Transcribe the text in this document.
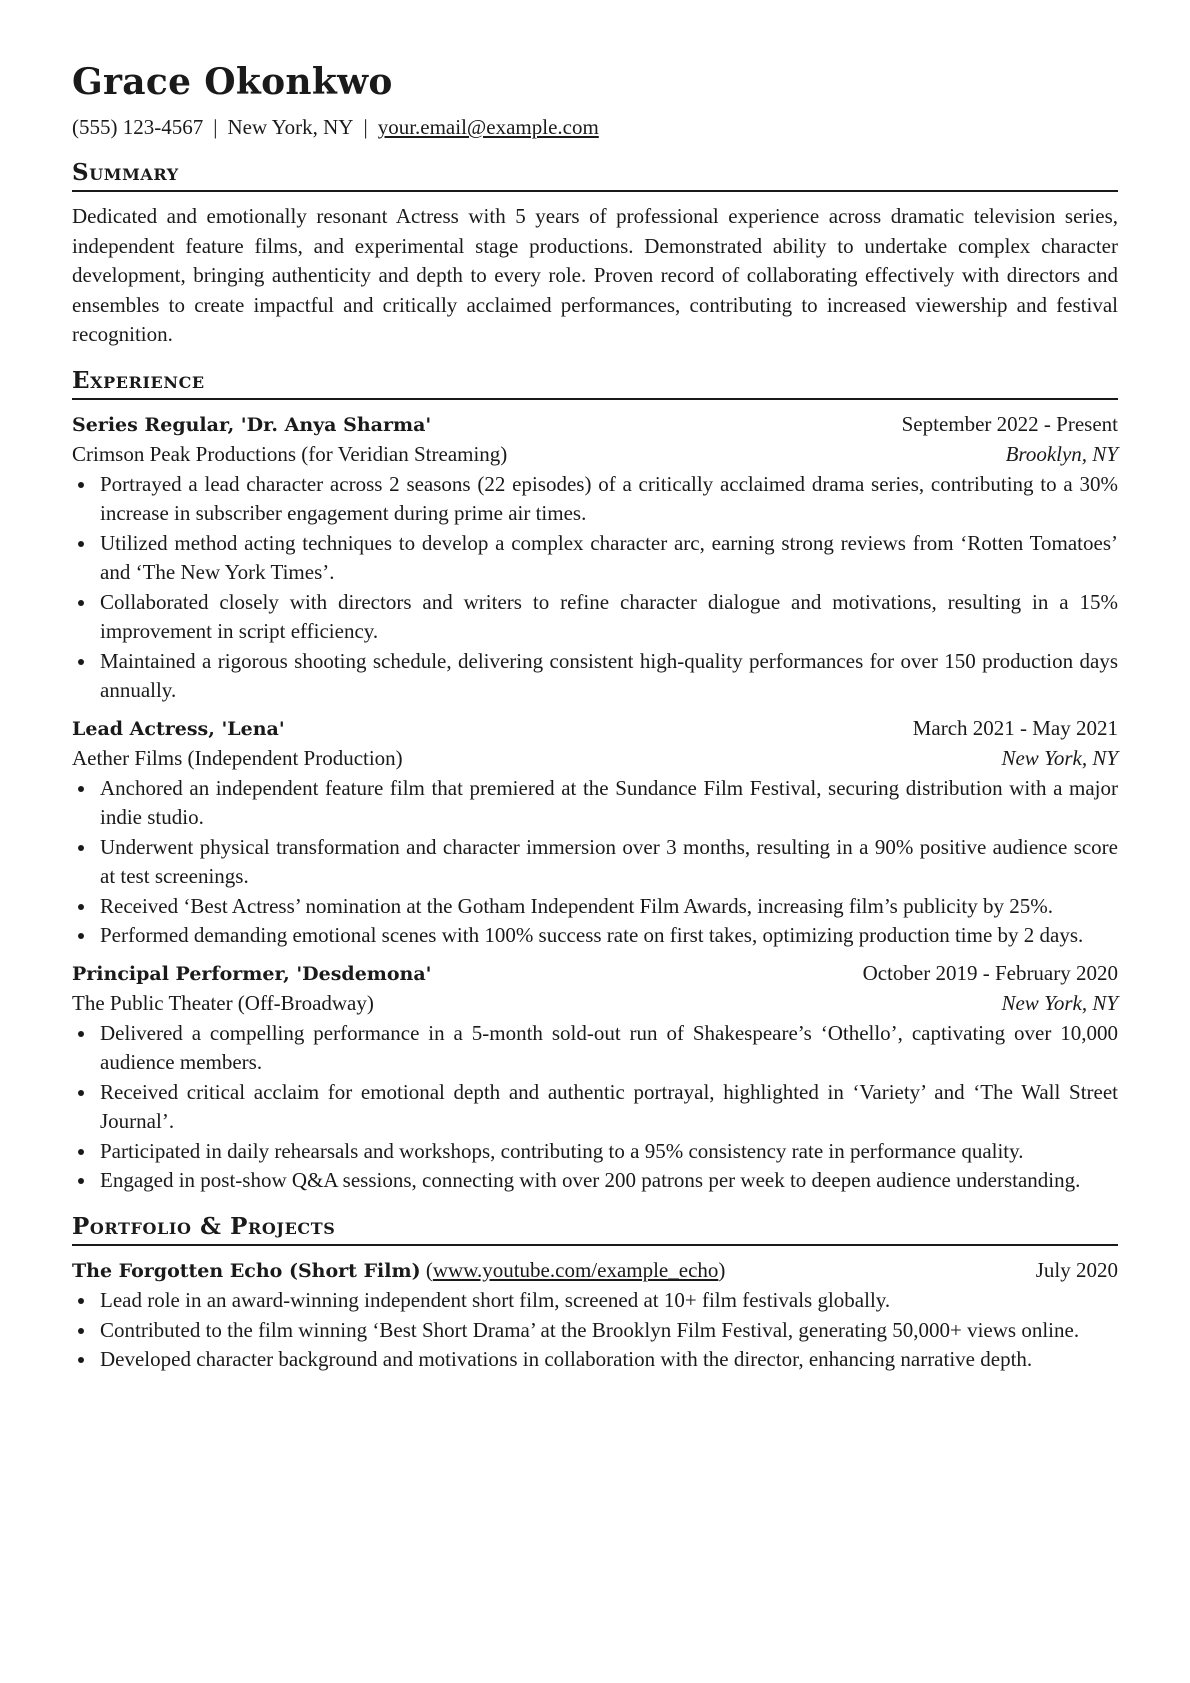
Grace Okonkwo
(555) 123-4567 | New York, NY | your.email@example.com
Summary

Dedicated and emotionally resonant Actress with 5 years of professional experience across dramatic television series, independent feature films, and experimental stage productions. Demonstrated ability to undertake complex character development, bringing authenticity and depth to every role. Proven record of collaborating effectively with directors and ensembles to create impactful and critically acclaimed performances, contributing to increased viewership and festival recognition.

Experience
Series Regular, 'Dr. Anya Sharma'	September 2022 - Present
Crimson Peak Productions (for Veridian Streaming)	Brooklyn, NY
Portrayed a lead character across 2 seasons (22 episodes) of a critically acclaimed drama series, contributing to a 30% increase in subscriber engagement during prime air times.
Utilized method acting techniques to develop a complex character arc, earning strong reviews from ‘Rotten Tomatoes’ and ‘The New York Times’.
Collaborated closely with directors and writers to refine character dialogue and motivations, resulting in a 15% improvement in script efficiency.
Maintained a rigorous shooting schedule, delivering consistent high-quality performances for over 150 production days annually.
Lead Actress, 'Lena'	March 2021 - May 2021
Aether Films (Independent Production)	New York, NY
Anchored an independent feature film that premiered at the Sundance Film Festival, securing distribution with a major indie studio.
Underwent physical transformation and character immersion over 3 months, resulting in a 90% positive audience score at test screenings.
Received ‘Best Actress’ nomination at the Gotham Independent Film Awards, increasing film’s publicity by 25%.
Performed demanding emotional scenes with 100% success rate on first takes, optimizing production time by 2 days.
Principal Performer, 'Desdemona'	October 2019 - February 2020
The Public Theater (Off-Broadway)	New York, NY
Delivered a compelling performance in a 5-month sold-out run of Shakespeare’s ‘Othello’, captivating over 10,000 audience members.
Received critical acclaim for emotional depth and authentic portrayal, highlighted in ‘Variety’ and ‘The Wall Street Journal’.
Participated in daily rehearsals and workshops, contributing to a 95% consistency rate in performance quality.
Engaged in post-show Q&A sessions, connecting with over 200 patrons per week to deepen audience understanding.
Portfolio & Projects
The Forgotten Echo (Short Film) (www.youtube.com/example_echo)	July 2020
Lead role in an award-winning independent short film, screened at 10+ film festivals globally.
Contributed to the film winning ‘Best Short Drama’ at the Brooklyn Film Festival, generating 50,000+ views online.
Developed character background and motivations in collaboration with the director, enhancing narrative depth.
